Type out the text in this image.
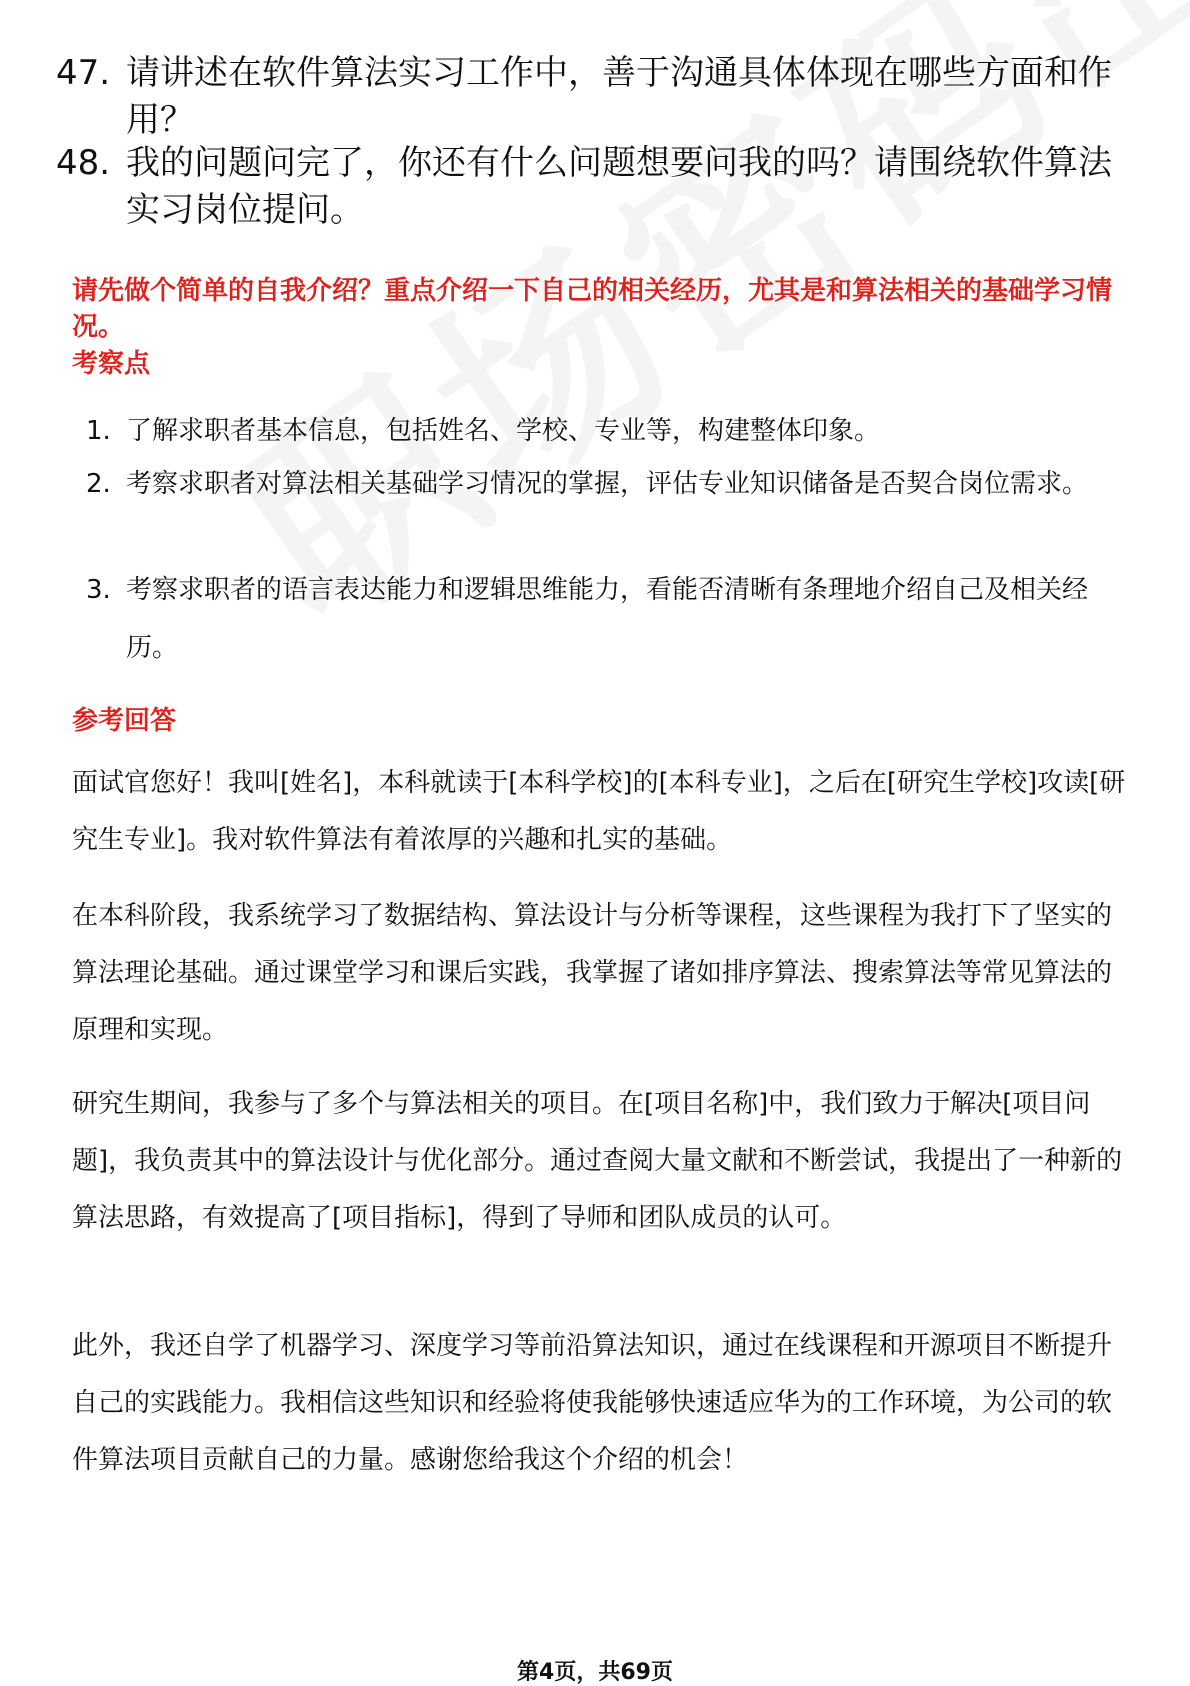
47. 请讲述在软件算法实习工作中，善于沟通具体体现在哪些方面和作用？
48. 我的问题问完了，你还有什么问题想要问我的吗？请围绕软件算法实习岗位提问。
请先做个简单的自我介绍？重点介绍一下自己的相关经历，尤其是和算法相关的基础学习情况。
考察点
1. 了解求职者基本信息，包括姓名、学校、专业等，构建整体印象。
2. 考察求职者对算法相关基础学习情况的掌握，评估专业知识储备是否契合岗位需求。
3. 考察求职者的语言表达能力和逻辑思维能力，看能否清晰有条理地介绍自己及相关经历。
参考回答
面试官您好！我叫[姓名]，本科就读于[本科学校]的[本科专业]，之后在[研究生学校]攻读[研究生专业]。我对软件算法有着浓厚的兴趣和扎实的基础。
在本科阶段，我系统学习了数据结构、算法设计与分析等课程，这些课程为我打下了坚实的算法理论基础。通过课堂学习和课后实践，我掌握了诸如排序算法、搜索算法等常见算法的原理和实现。
研究生期间，我参与了多个与算法相关的项目。在[项目名称]中，我们致力于解决[项目问题]，我负责其中的算法设计与优化部分。通过查阅大量文献和不断尝试，我提出了一种新的算法思路，有效提高了[项目指标]，得到了导师和团队成员的认可。
此外，我还自学了机器学习、深度学习等前沿算法知识，通过在线课程和开源项目不断提升自己的实践能力。我相信这些知识和经验将使我能够快速适应华为的工作环境，为公司的软件算法项目贡献自己的力量。感谢您给我这个介绍的机会！
第4页，共69页
